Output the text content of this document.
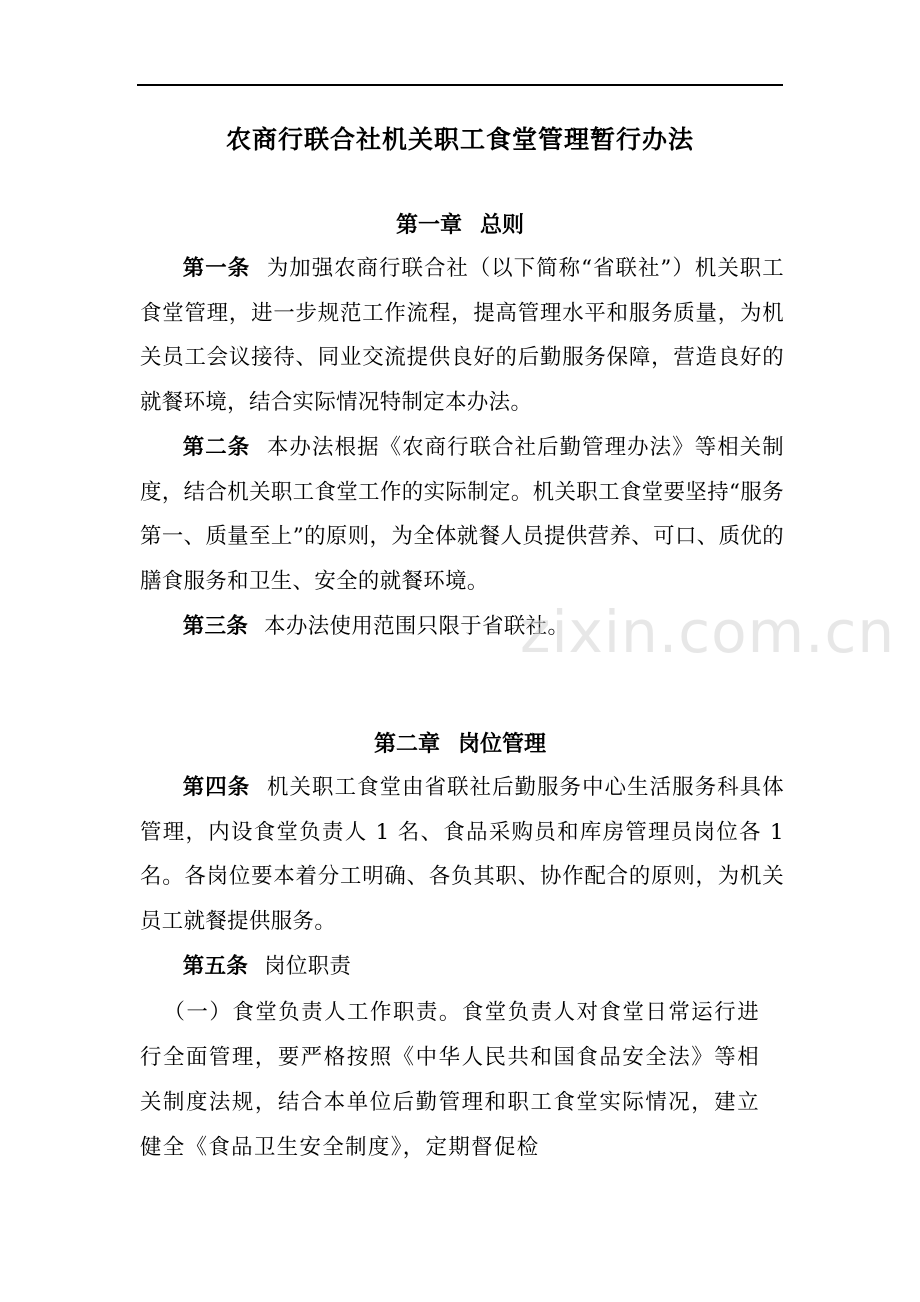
农商行联合社机关职工食堂管理暂行办法
第一章 总则

第一条 为加强农商行联合社（以下简称“省联社”）机关职工食堂管理，进一步规范工作流程，提高管理水平和服务质量，为机关员工会议接待、同业交流提供良好的后勤服务保障，营造良好的就餐环境，结合实际情况特制定本办法。

第二条 本办法根据《农商行联合社后勤管理办法》等相关制度，结合机关职工食堂工作的实际制定。机关职工食堂要坚持“服务第一、质量至上”的原则，为全体就餐人员提供营养、可口、质优的膳食服务和卫生、安全的就餐环境。

第三条 本办法使用范围只限于省联社。

第二章 岗位管理

第四条 机关职工食堂由省联社后勤服务中心生活服务科具体管理，内设食堂负责人 1 名、食品采购员和库房管理员岗位各 1 名。各岗位要本着分工明确、各负其职、协作配合的原则，为机关员工就餐提供服务。

第五条 岗位职责

（一）食堂负责人工作职责。食堂负责人对食堂日常运行进行全面管理，要严格按照《中华人民共和国食品安全法》等相关制度法规，结合本单位后勤管理和职工食堂实际情况，建立健全《食品卫生安全制度》，定期督促检

zixin.com.cn
